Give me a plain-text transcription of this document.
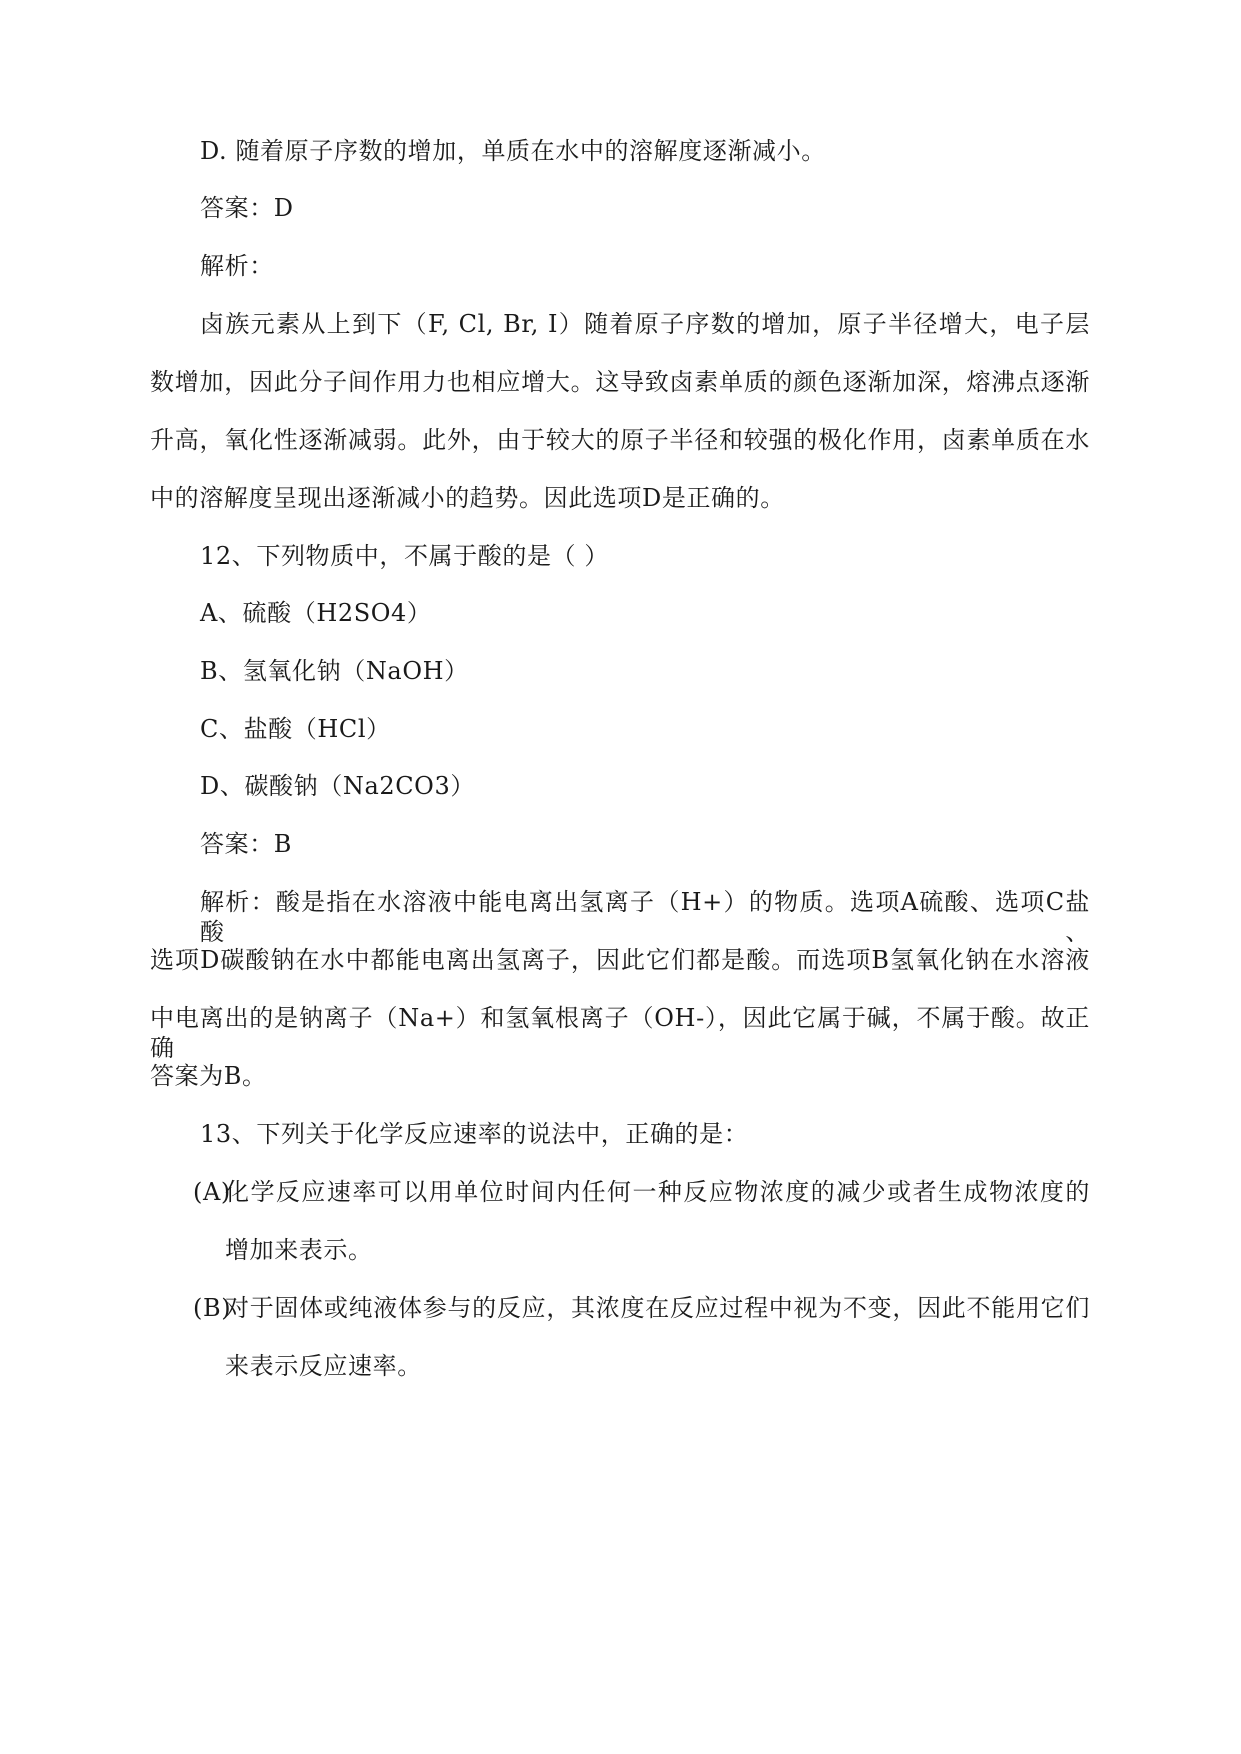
D. 随着原子序数的增加，单质在水中的溶解度逐渐减小。
答案：D
解析：
卤族元素从上到下（F, Cl, Br, I）随着原子序数的增加，原子半径增大，电子层
数增加，因此分子间作用力也相应增大。这导致卤素单质的颜色逐渐加深，熔沸点逐渐
升高，氧化性逐渐减弱。此外，由于较大的原子半径和较强的极化作用，卤素单质在水
中的溶解度呈现出逐渐减小的趋势。因此选项D是正确的。
12、下列物质中，不属于酸的是（ ）
A、硫酸（H2SO4）
B、氢氧化钠（NaOH）
C、盐酸（HCl）
D、碳酸钠（Na2CO3）
答案：B
解析：酸是指在水溶液中能电离出氢离子（H+）的物质。选项A硫酸、选项C盐酸、
选项D碳酸钠在水中都能电离出氢离子，因此它们都是酸。而选项B氢氧化钠在水溶液
中电离出的是钠离子（Na+）和氢氧根离子（OH-），因此它属于碱，不属于酸。故正确
答案为B。
13、下列关于化学反应速率的说法中，正确的是：
(A)
化学反应速率可以用单位时间内任何一种反应物浓度的减少或者生成物浓度的
增加来表示。
(B)
对于固体或纯液体参与的反应，其浓度在反应过程中视为不变，因此不能用它们
来表示反应速率。
